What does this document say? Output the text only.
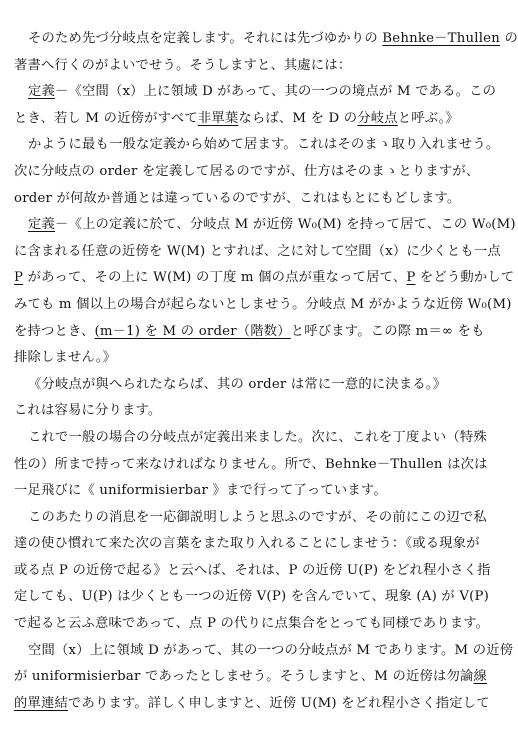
そのため先づ分岐点を定義します。それには先づゆかりの Behnke－Thullen の
著書へ行くのがよいでせう。そうしますと、其處には：
定義－《空間（x）上に領域 D があって、其の一つの境点が M である。この
とき、若し M の近傍がすべて非單葉ならば、M を D の分岐点と呼ぶ。》
かように最も一般な定義から始めて居ます。これはそのまゝ取り入れませう。
次に分岐点の order を定義して居るのですが、仕方はそのまゝとりますが、
order が何故か普通とは違っているのですが、これはもとにもどします。
定義－《上の定義に於て、分岐点 M が近傍 W₀(M) を持って居て、この W₀(M)
に含まれる任意の近傍を W(M) とすれば、之に対して空間（x）に少くとも一点
P があって、その上に W(M) の丁度 m 個の点が重なって居て、P をどう動かして
みても m 個以上の場合が起らないとしませう。分岐点 M がかような近傍 W₀(M)
を持つとき、(m－1) を M の order（階数）と呼びます。この際 m＝∞ をも
排除しません。》
《分岐点が與へられたならば、其の order は常に一意的に決まる。》
これは容易に分ります。
これで一般の場合の分岐点が定義出来ました。次に、これを丁度よい（特殊
性の）所まで持って来なければなりません。所で、Behnke－Thullen は次は
一足飛びに《 uniformisierbar 》まで行って了っています。
このあたりの消息を一応御説明しようと思ふのですが、その前にこの辺で私
達の使ひ慣れて来た次の言葉をまた取り入れることにしませう：《或る現象が
或る点 P の近傍で起る》と云へば、それは、P の近傍 U(P) をどれ程小さく指
定しても、U(P) は少くとも一つの近傍 V(P) を含んでいて、現象 (A) が V(P)
で起ると云ふ意味であって、点 P の代りに点集合をとっても同様であります。
空間（x）上に領域 D があって、其の一つの分岐点が M であります。M の近傍
が uniformisierbar であったとしませう。そうしますと、M の近傍は勿論線
的單連結であります。詳しく申しますと、近傍 U(M) をどれ程小さく指定して
